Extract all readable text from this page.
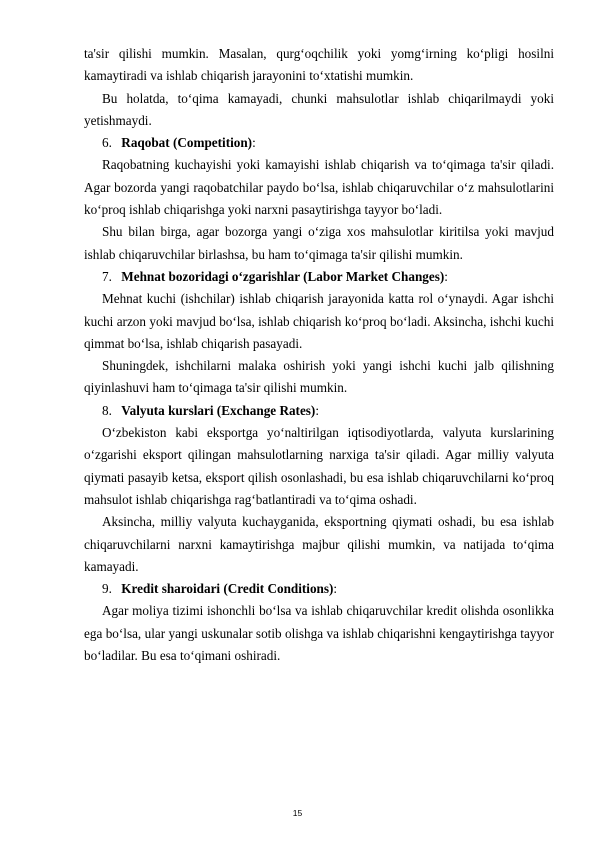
ta'sir qilishi mumkin. Masalan, qurg‘oqchilik yoki yomg‘irning ko‘pligi hosilni kamaytiradi va ishlab chiqarish jarayonini to‘xtatishi mumkin.

Bu holatda, to‘qima kamayadi, chunki mahsulotlar ishlab chiqarilmaydi yoki yetishmaydi.

6. Raqobat (Competition):

Raqobatning kuchayishi yoki kamayishi ishlab chiqarish va to‘qimaga ta'sir qiladi. Agar bozorda yangi raqobatchilar paydo bo‘lsa, ishlab chiqaruvchilar o‘z mahsulotlarini ko‘proq ishlab chiqarishga yoki narxni pasaytirishga tayyor bo‘ladi.

Shu bilan birga, agar bozorga yangi o‘ziga xos mahsulotlar kiritilsa yoki mavjud ishlab chiqaruvchilar birlashsa, bu ham to‘qimaga ta'sir qilishi mumkin.

7. Mehnat bozoridagi o‘zgarishlar (Labor Market Changes):

Mehnat kuchi (ishchilar) ishlab chiqarish jarayonida katta rol o‘ynaydi. Agar ishchi kuchi arzon yoki mavjud bo‘lsa, ishlab chiqarish ko‘proq bo‘ladi. Aksincha, ishchi kuchi qimmat bo‘lsa, ishlab chiqarish pasayadi.

Shuningdek, ishchilarni malaka oshirish yoki yangi ishchi kuchi jalb qilishning qiyinlashuvi ham to‘qimaga ta'sir qilishi mumkin.

8. Valyuta kurslari (Exchange Rates):

O‘zbekiston kabi eksportga yo‘naltirilgan iqtisodiyotlarda, valyuta kurslarining o‘zgarishi eksport qilingan mahsulotlarning narxiga ta'sir qiladi. Agar milliy valyuta qiymati pasayib ketsa, eksport qilish osonlashadi, bu esa ishlab chiqaruvchilarni ko‘proq mahsulot ishlab chiqarishga rag‘batlantiradi va to‘qima oshadi.

Aksincha, milliy valyuta kuchayganida, eksportning qiymati oshadi, bu esa ishlab chiqaruvchilarni narxni kamaytirishga majbur qilishi mumkin, va natijada to‘qima kamayadi.

9. Kredit sharoidari (Credit Conditions):

Agar moliya tizimi ishonchli bo‘lsa va ishlab chiqaruvchilar kredit olishda osonlikka ega bo‘lsa, ular yangi uskunalar sotib olishga va ishlab chiqarishni kengaytirishga tayyor bo‘ladilar. Bu esa to‘qimani oshiradi.

15
